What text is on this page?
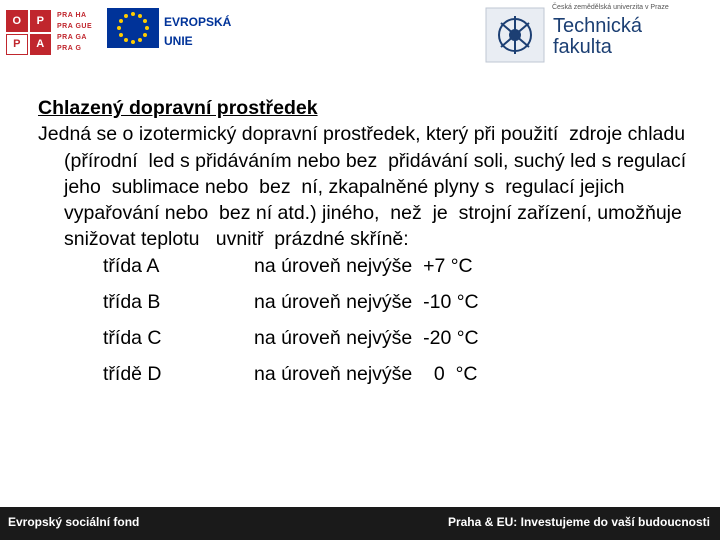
O	P
P	A
PRA HA
PRA GUE
PRA GA
PRA G
EVROPSKÁ
UNIE
Česká zemědělská univerzita v Praze
Technická
fakulta
Chlazený dopravní prostředek
Jedná se o izotermický dopravní prostředek, který při použití  zdroje chladu (přírodní  led s přidáváním nebo bez  přidávání soli, suchý led s regulací  jeho  sublimace nebo  bez  ní, zkapalněné plyny s  regulací jejich vypařování nebo  bez ní atd.) jiného,  než  je  strojní zařízení, umožňuje  snižovat teplotu   uvnitř  prázdné skříně:
třída A	na úroveň nejvýše  +7 °C
třída B	na úroveň nejvýše  -10 °C
třída C	na úroveň nejvýše  -20 °C
třídě D	na úroveň nejvýše    0  °C
Evropský sociální fond	Praha & EU: Investujeme do vaší budoucnosti
